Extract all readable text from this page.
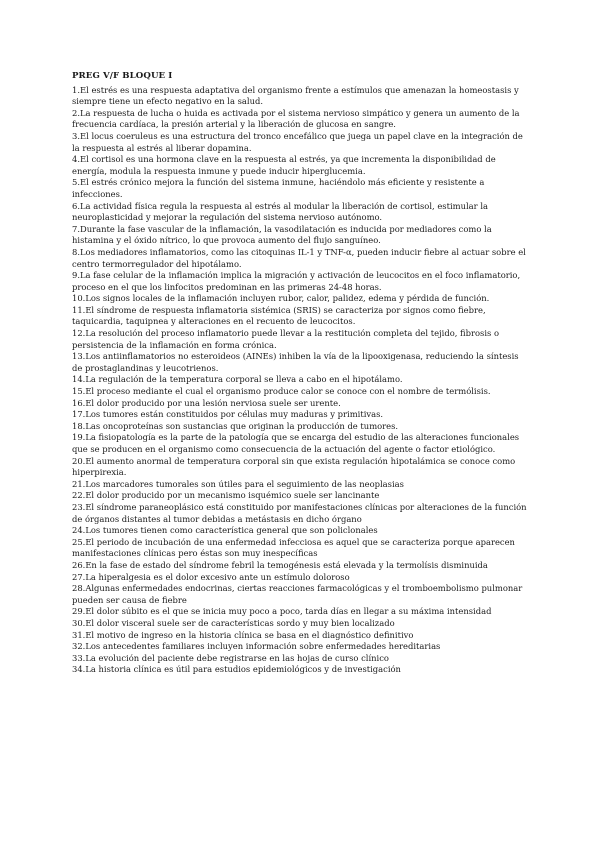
PREG V/F BLOQUE I

1.El estrés es una respuesta adaptativa del organismo frente a estímulos que amenazan la homeostasis y siempre tiene un efecto negativo en la salud.

2.La respuesta de lucha o huida es activada por el sistema nervioso simpático y genera un aumento de la frecuencia cardíaca, la presión arterial y la liberación de glucosa en sangre.

3.El locus coeruleus es una estructura del tronco encefálico que juega un papel clave en la integración de la respuesta al estrés al liberar dopamina.

4.El cortisol es una hormona clave en la respuesta al estrés, ya que incrementa la disponibilidad de energía, modula la respuesta inmune y puede inducir hiperglucemia.

5.El estrés crónico mejora la función del sistema inmune, haciéndolo más eficiente y resistente a infecciones.

6.La actividad física regula la respuesta al estrés al modular la liberación de cortisol, estimular la neuroplasticidad y mejorar la regulación del sistema nervioso autónomo.

7.Durante la fase vascular de la inflamación, la vasodilatación es inducida por mediadores como la histamina y el óxido nítrico, lo que provoca aumento del flujo sanguíneo.

8.Los mediadores inflamatorios, como las citoquinas IL-1 y TNF-α, pueden inducir fiebre al actuar sobre el centro termorregulador del hipotálamo.

9.La fase celular de la inflamación implica la migración y activación de leucocitos en el foco inflamatorio, proceso en el que los linfocitos predominan en las primeras 24-48 horas.

10.Los signos locales de la inflamación incluyen rubor, calor, palidez, edema y pérdida de función.

11.El síndrome de respuesta inflamatoria sistémica (SRIS) se caracteriza por signos como fiebre, taquicardia, taquipnea y alteraciones en el recuento de leucocitos.

12.La resolución del proceso inflamatorio puede llevar a la restitución completa del tejido, fibrosis o persistencia de la inflamación en forma crónica.

13.Los antiinflamatorios no esteroideos (AINEs) inhiben la vía de la lipooxigenasa, reduciendo la síntesis de prostaglandinas y leucotrienos.

14.La regulación de la temperatura corporal se lleva a cabo en el hipotálamo.

15.El proceso mediante el cual el organismo produce calor se conoce con el nombre de termólisis.

16.El dolor producido por una lesión nerviosa suele ser urente.

17.Los tumores están constituidos por células muy maduras y primitivas.

18.Las oncoproteínas son sustancias que originan la producción de tumores.

19.La fisiopatología es la parte de la patología que se encarga del estudio de las alteraciones funcionales que se producen en el organismo como consecuencia de la actuación del agente o factor etiológico.

20.El aumento anormal de temperatura corporal sin que exista regulación hipotalámica se conoce como hiperpirexia.

21.Los marcadores tumorales son útiles para el seguimiento de las neoplasias

22.El dolor producido por un mecanismo isquémico suele ser lancinante

23.El síndrome paraneoplásico está constituido por manifestaciones clínicas por alteraciones de la función de órganos distantes al tumor debidas a metástasis en dicho órgano

24.Los tumores tienen como característica general que son policlonales

25.El periodo de incubación de una enfermedad infecciosa es aquel que se caracteriza porque aparecen manifestaciones clínicas pero éstas son muy inespecíficas

26.En la fase de estado del síndrome febril la temogénesis está elevada y la termolísis disminuida

27.La hiperalgesia es el dolor excesivo ante un estímulo doloroso

28.Algunas enfermedades endocrinas, ciertas reacciones farmacológicas y el tromboembolismo pulmonar pueden ser causa de fiebre

29.El dolor súbito es el que se inicia muy poco a poco, tarda días en llegar a su máxima intensidad

30.El dolor visceral suele ser de características sordo y muy bien localizado

31.El motivo de ingreso en la historia clínica se basa en el diagnóstico definitivo

32.Los antecedentes familiares incluyen información sobre enfermedades hereditarias

33.La evolución del paciente debe registrarse en las hojas de curso clínico

34.La historia clínica es útil para estudios epidemiológicos y de investigación
